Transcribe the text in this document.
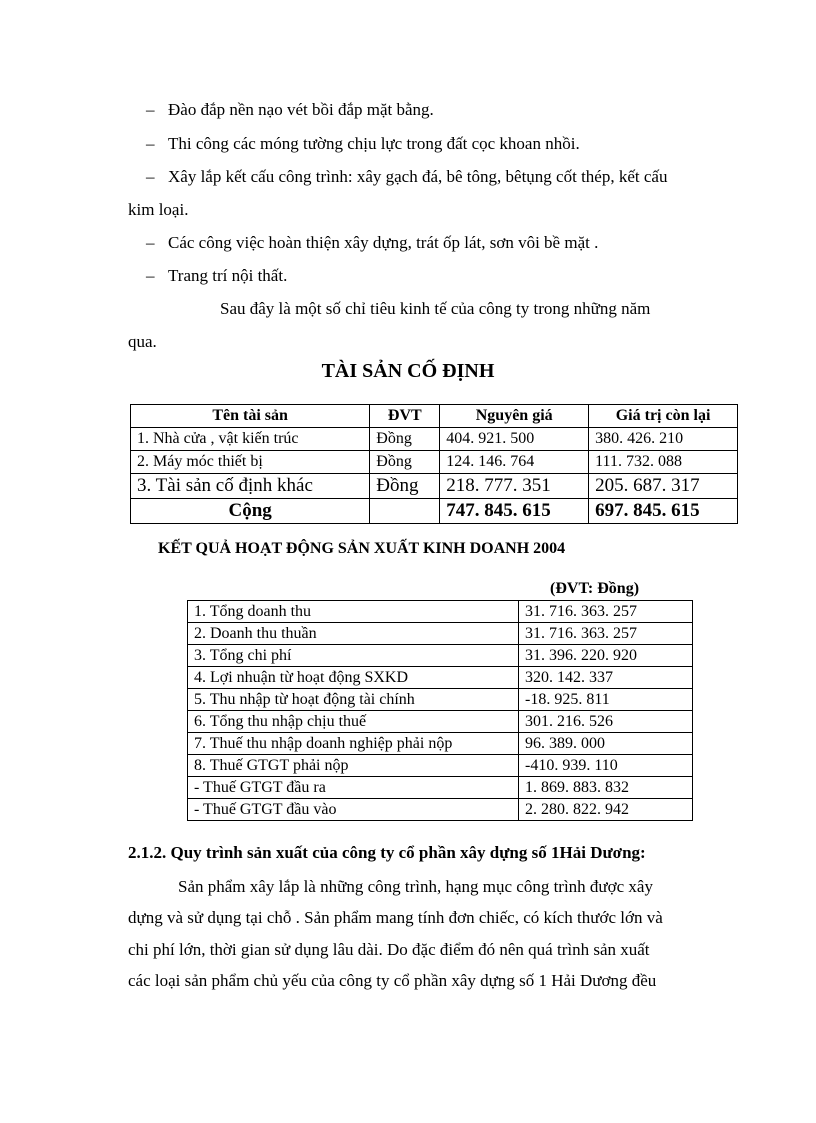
– Đào đắp nền nạo vét bồi đắp mặt bằng.
– Thi công các móng tường chịu lực trong đất cọc khoan nhồi.
– Xây lắp kết cấu công trình: xây gạch đá, bê tông, bêtụng cốt thép, kết cấu
kim loại.
– Các công việc hoàn thiện xây dựng, trát ốp lát, sơn vôi bề mặt .
– Trang trí nội thất.
Sau đây là một số chỉ tiêu kinh tế của công ty trong những năm
qua.
TÀI SẢN CỐ ĐỊNH
Tên tài sản	ĐVT	Nguyên giá	Giá trị còn lại
1. Nhà cửa , vật kiến trúc	Đồng	404. 921. 500	380. 426. 210
2. Máy móc thiết bị	Đồng	124. 146. 764	111. 732. 088
3. Tài sản cố định khác	Đồng	218. 777. 351	205. 687. 317
Cộng		747. 845. 615	697. 845. 615
KẾT QUẢ HOẠT ĐỘNG SẢN XUẤT KINH DOANH 2004
(ĐVT: Đồng)
1. Tổng doanh thu	31. 716. 363. 257
2. Doanh thu thuần	31. 716. 363. 257
3. Tổng chi phí	31. 396. 220. 920
4. Lợi nhuận từ hoạt động SXKD	320. 142. 337
5. Thu nhập từ hoạt động tài chính	-18. 925. 811
6. Tổng thu nhập chịu thuế	301. 216. 526
7. Thuế thu nhập doanh nghiệp phải nộp	96. 389. 000
8. Thuế GTGT phải nộp	-410. 939. 110
- Thuế GTGT đầu ra	1. 869. 883. 832
- Thuế GTGT đầu vào	2. 280. 822. 942
2.1.2. Quy trình sản xuất của công ty cổ phần xây dựng số 1Hải Dương:
Sản phẩm xây lắp là những công trình, hạng mục công trình được xây
dựng và sử dụng tại chỗ . Sản phẩm mang tính đơn chiếc, có kích thước lớn và
chi phí lớn, thời gian sử dụng lâu dài. Do đặc điểm đó nên quá trình sản xuất
các loại sản phẩm chủ yếu của công ty cổ phần xây dựng số 1 Hải Dương đều
